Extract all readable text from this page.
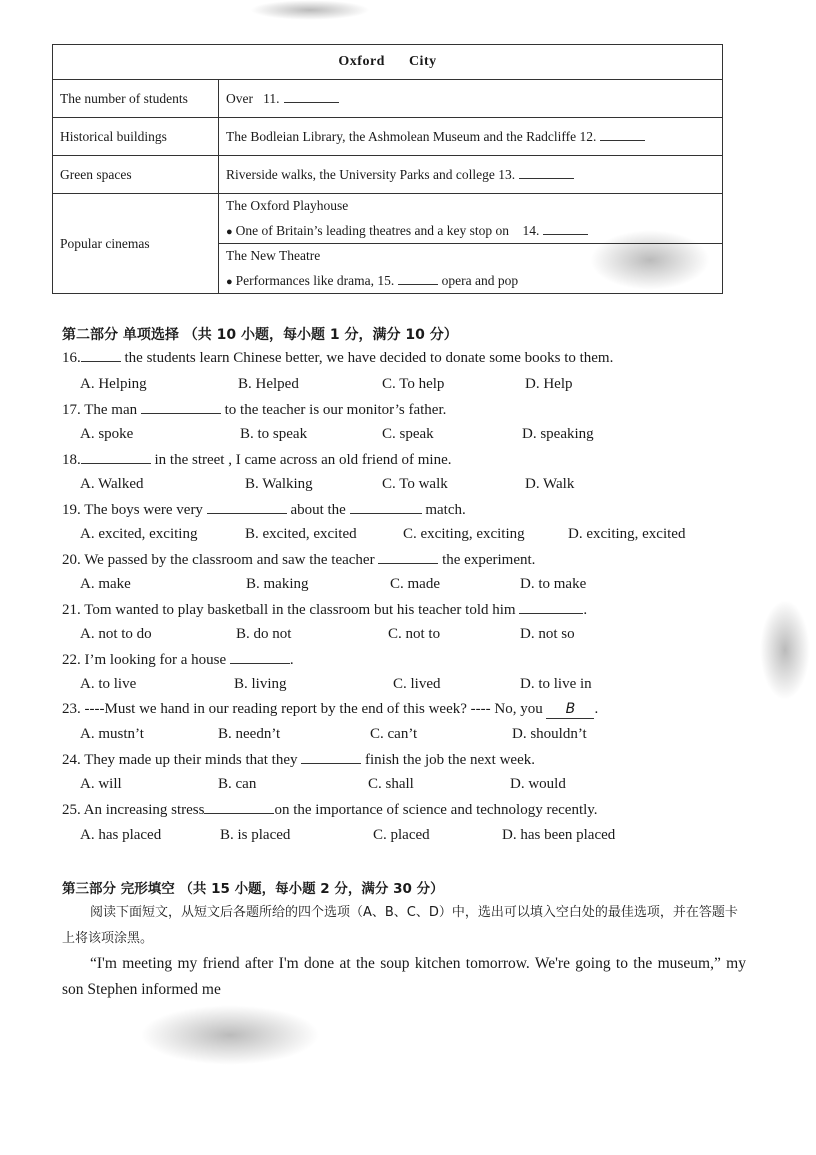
Oxford      City	
The number of students	Over   11.
Historical buildings	The Bodleian Library, the Ashmolean Museum and the Radcliffe 12.
Green spaces	Riverside walks, the University Parks and college 13.
Popular cinemas	The Oxford Playhouse
● One of Britain’s leading theatres and a key stop on    14.

	The New Theatre
● Performances like drama, 15. opera and pop
第二部分 单项选择 （共 10 小题，每小题 1 分，满分 10 分）
16.	the students learn Chinese better, we have decided to donate some books to them.
A. Helping	B. Helped	C. To help	D. Help
17. The man	to the teacher is our monitor’s father.
A. spoke	B. to speak	C. speak	D. speaking
18.	in the street , I came across an old friend of mine.
A. Walked	B. Walking	C. To walk	D. Walk
19. The boys were very	about the	match.
A. excited, exciting	B. excited, excited	C. exciting, exciting	D. exciting, excited
20. We passed by the classroom and saw the teacher	the experiment.
A. make	B. making	C. made	D. to make
21. Tom wanted to play basketball in the classroom but his teacher told him	.
A. not to do	B. do not	C. not to	D. not so
22. I’m looking for a house	.
A. to live	B. living	C. lived	D. to live in
23. ----Must we hand in our reading report by the end of this week? ---- No, you B .
A. mustn’t	B. needn’t	C. can’t	D. shouldn’t
24. They made up their minds that they	finish the job the next week.
A. will	B. can	C. shall	D. would
25. An increasing stress	on the importance of science and technology recently.
A. has placed	B. is placed	C. placed	D. has been placed
第三部分 完形填空 （共 15 小题，每小题 2 分，满分 30 分）
阅读下面短文，从短文后各题所给的四个选项（A、B、C、D）中，选出可以填入空白处的最佳选项，并在答题卡上将该项涂黑。
“I'm meeting my friend after I'm done at the soup kitchen tomorrow. We're going to the museum,” my son Stephen informed me
